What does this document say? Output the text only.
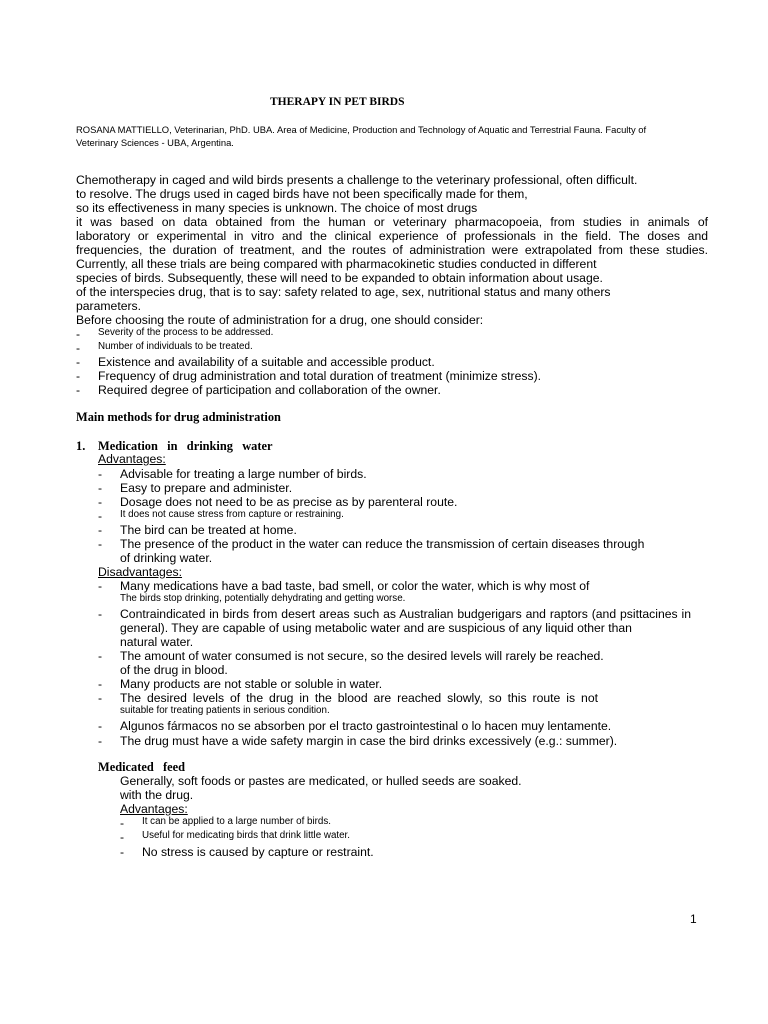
THERAPY IN PET BIRDS
ROSANA MATTIELLO, Veterinarian, PhD. UBA. Area of Medicine, Production and Technology of Aquatic and Terrestrial Fauna. Faculty of
Veterinary Sciences - UBA, Argentina.
Chemotherapy in caged and wild birds presents a challenge to the veterinary professional, often difficult.
to resolve. The drugs used in caged birds have not been specifically made for them,
so its effectiveness in many species is unknown. The choice of most drugs
it was based on data obtained from the human or veterinary pharmacopoeia, from studies in animals of
laboratory or experimental in vitro and the clinical experience of professionals in the field. The doses and
frequencies, the duration of treatment, and the routes of administration were extrapolated from these studies.
Currently, all these trials are being compared with pharmacokinetic studies conducted in different
species of birds. Subsequently, these will need to be expanded to obtain information about usage.
of the interspecies drug, that is to say: safety related to age, sex, nutritional status and many others
parameters.
Before choosing the route of administration for a drug, one should consider:
- Severity of the process to be addressed.
- Number of individuals to be treated.
- Existence and availability of a suitable and accessible product.
- Frequency of drug administration and total duration of treatment (minimize stress).
- Required degree of participation and collaboration of the owner.
Main methods for drug administration
1. Medication   in   drinking   water
Advantages:
- Advisable for treating a large number of birds.
- Easy to prepare and administer.
- Dosage does not need to be as precise as by parenteral route.
- It does not cause stress from capture or restraining.
- The bird can be treated at home.
- The presence of the product in the water can reduce the transmission of certain diseases through
of drinking water.
Disadvantages:
- Many medications have a bad taste, bad smell, or color the water, which is why most of
The birds stop drinking, potentially dehydrating and getting worse.
- Contraindicated in birds from desert areas such as Australian budgerigars and raptors (and psittacines in
general). They are capable of using metabolic water and are suspicious of any liquid other than
natural water.
- The amount of water consumed is not secure, so the desired levels will rarely be reached.
of the drug in blood.
- Many products are not stable or soluble in water.
- The desired levels of the drug in the blood are reached slowly, so this route is not
suitable for treating patients in serious condition.
- Algunos fármacos no se absorben por el tracto gastrointestinal o lo hacen muy lentamente.
- The drug must have a wide safety margin in case the bird drinks excessively (e.g.: summer).
Medicated   feed
Generally, soft foods or pastes are medicated, or hulled seeds are soaked.
with the drug.
Advantages:
- It can be applied to a large number of birds.
- Useful for medicating birds that drink little water.
- No stress is caused by capture or restraint.
1
